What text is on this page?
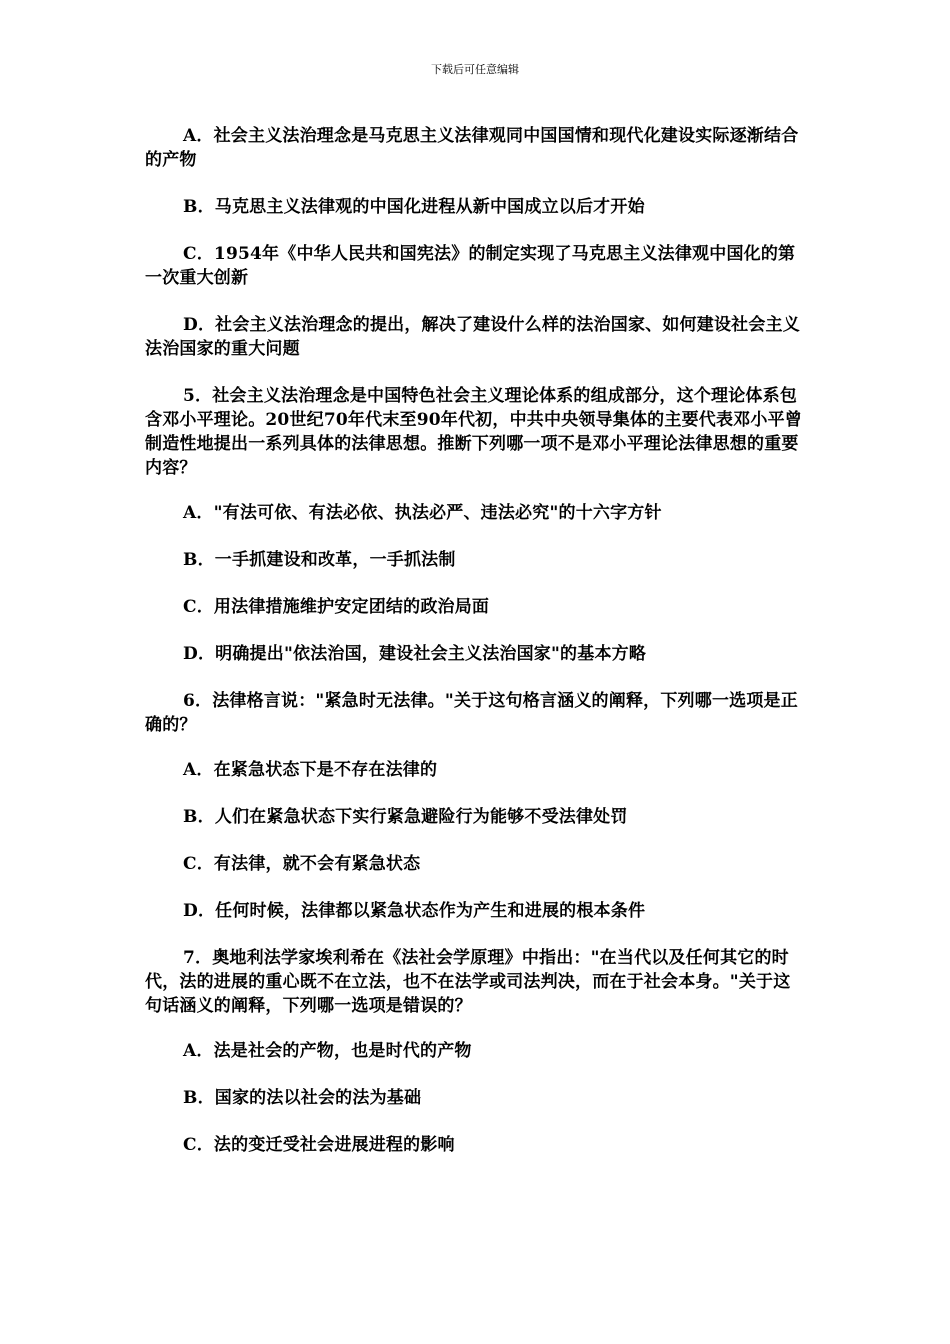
下载后可任意编辑

A．社会主义法治理念是马克思主义法律观同中国国情和现代化建设实际逐渐结合的产物

B．马克思主义法律观的中国化进程从新中国成立以后才开始

C．1954年《中华人民共和国宪法》的制定实现了马克思主义法律观中国化的第一次重大创新

D．社会主义法治理念的提出，解决了建设什么样的法治国家、如何建设社会主义法治国家的重大问题

5．社会主义法治理念是中国特色社会主义理论体系的组成部分，这个理论体系包含邓小平理论。20世纪70年代末至90年代初，中共中央领导集体的主要代表邓小平曾制造性地提出一系列具体的法律思想。推断下列哪一项不是邓小平理论法律思想的重要内容？

A．"有法可依、有法必依、执法必严、违法必究"的十六字方针

B．一手抓建设和改革，一手抓法制

C．用法律措施维护安定团结的政治局面

D．明确提出"依法治国，建设社会主义法治国家"的基本方略

6．法律格言说："紧急时无法律。"关于这句格言涵义的阐释，下列哪一选项是正确的？

A．在紧急状态下是不存在法律的

B．人们在紧急状态下实行紧急避险行为能够不受法律处罚

C．有法律，就不会有紧急状态

D．任何时候，法律都以紧急状态作为产生和进展的根本条件

7．奥地利法学家埃利希在《法社会学原理》中指出："在当代以及任何其它的时代，法的进展的重心既不在立法，也不在法学或司法判决，而在于社会本身。"关于这句话涵义的阐释，下列哪一选项是错误的？

A．法是社会的产物，也是时代的产物

B．国家的法以社会的法为基础

C．法的变迁受社会进展进程的影响
